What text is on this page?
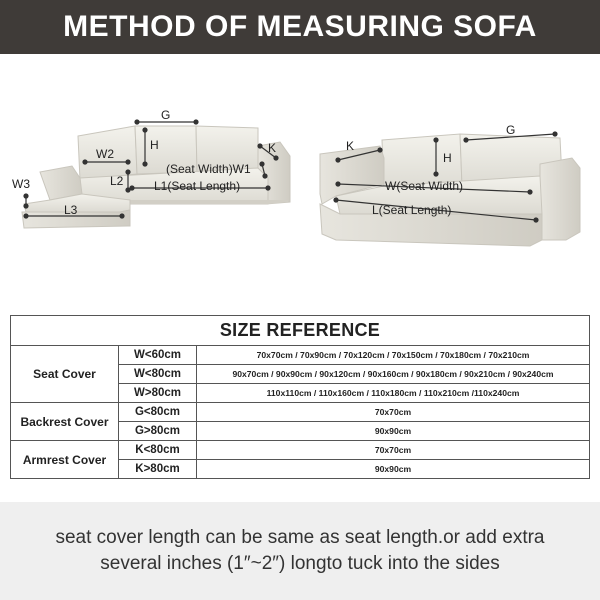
METHOD OF MEASURING SOFA
G
H
W2	K
(Seat Width)W1
L2	L1(Seat Length)
W3
L3
G
K
H
W(Seat Width)
L(Seat Length)
SIZE REFERENCE		
Seat Cover	W<60cm	70x70cm / 70x90cm / 70x120cm / 70x150cm / 70x180cm / 70x210cm
	W<80cm	90x70cm / 90x90cm / 90x120cm / 90x160cm / 90x180cm / 90x210cm / 90x240cm
	W>80cm	110x110cm / 110x160cm / 110x180cm / 110x210cm /110x240cm
Backrest Cover	G<80cm	70x70cm
	G>80cm	90x90cm
Armrest Cover	K<80cm	70x70cm
	K>80cm	90x90cm
seat cover length can be same as seat length.or add extra
several inches (1″~2″) longto tuck into the sides
